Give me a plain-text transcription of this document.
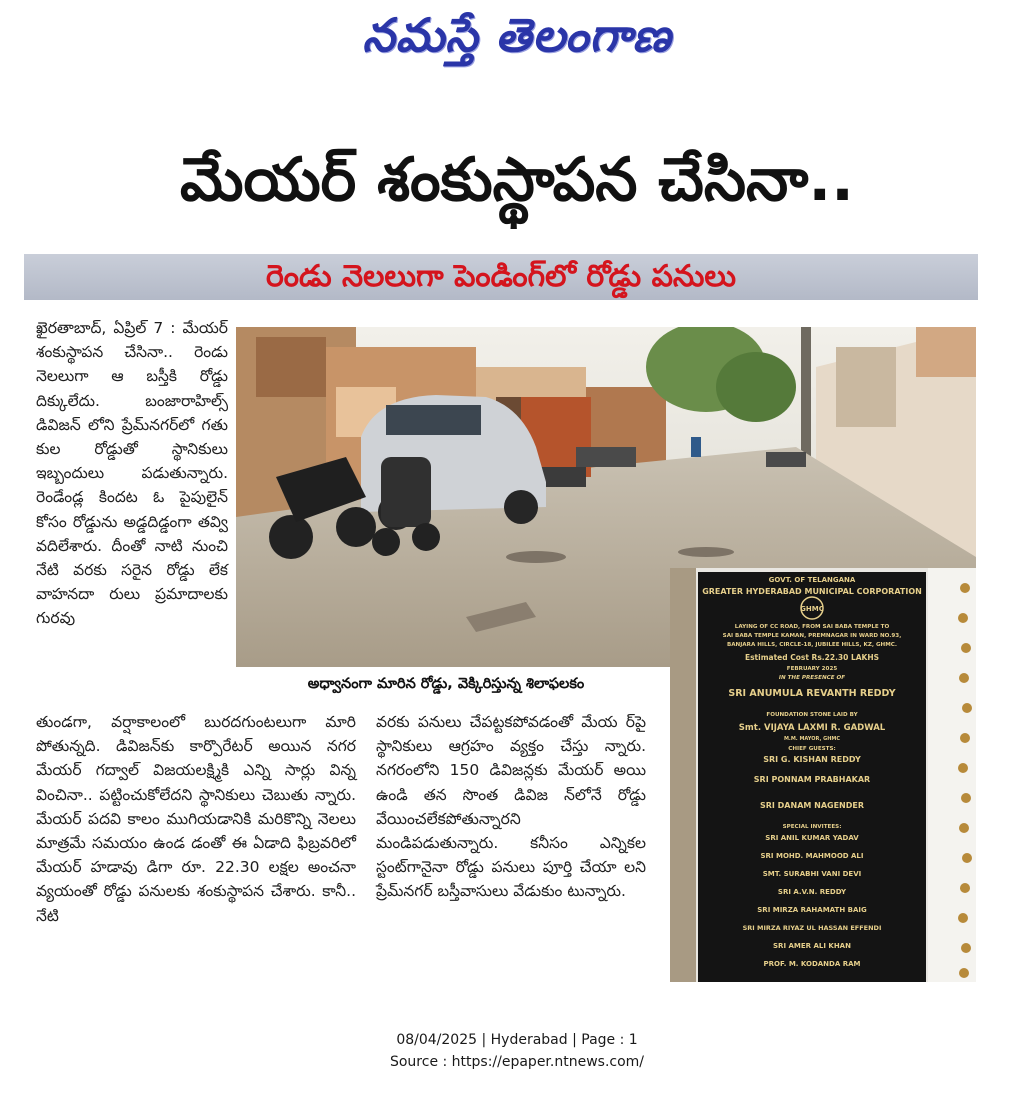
నమస్తే తెలంగాణ
మేయర్ శంకుస్థాపన చేసినా..
రెండు నెలలుగా పెండింగ్‌లో రోడ్డు పనులు

ఖైరతాబాద్, ఏప్రిల్ 7 : మేయర్ శంకుస్థాపన చేసినా.. రెండు నెలలుగా ఆ బస్తీకి రోడ్డు దిక్కులేదు. బంజారాహిల్స్ డివిజన్ లోని ప్రేమ్‌నగర్‌లో గతు కుల రోడ్డుతో స్థానికులు ఇబ్బందులు పడుతున్నారు. రెండేండ్ల కిందట ఓ పైపులైన్ కోసం రోడ్డును అడ్డదిడ్డంగా తవ్వి వదిలేశారు. దీంతో నాటి నుంచి నేటి వరకు సరైన రోడ్డు లేక వాహనదా రులు ప్రమాదాలకు గురవు

అధ్వానంగా మారిన రోడ్డు, వెక్కిరిస్తున్న శిలాఫలకం
GOVT. OF TELANGANA
GREATER HYDERABAD MUNICIPAL CORPORATION
GHMC
LAYING OF CC ROAD, FROM SAI BABA TEMPLE TO
SAI BABA TEMPLE KAMAN, PREMNAGAR IN WARD NO.93,
BANJARA HILLS, CIRCLE-18, JUBILEE HILLS, KZ, GHMC.
Estimated Cost Rs.22.30 LAKHS
FEBRUARY 2025
IN THE PRESENCE OF
SRI ANUMULA REVANTH REDDY
FOUNDATION STONE LAID BY
Smt. VIJAYA LAXMI R. GADWAL
M.M. MAYOR, GHMC
CHIEF GUESTS:
SRI G. KISHAN REDDY
SRI PONNAM PRABHAKAR
SRI DANAM NAGENDER
SPECIAL INVITEES:
SRI ANIL KUMAR YADAV
SRI MOHD. MAHMOOD ALI
SMT. SURABHI VANI DEVI
SRI A.V.N. REDDY
SRI MIRZA RAHAMATH BAIG
SRI MIRZA RIYAZ UL HASSAN EFFENDI
SRI AMER ALI KHAN
PROF. M. KODANDA RAM

తుండగా, వర్షాకాలంలో బురదగుంటలుగా మారి పోతున్నది. డివిజన్‌కు కార్పొరేటర్ అయిన నగర మేయర్ గద్వాల్ విజయలక్ష్మికి ఎన్ని సార్లు విన్న వించినా.. పట్టించుకోలేదని స్థానికులు చెబుతు న్నారు. మేయర్ పదవి కాలం ముగియడానికి మరికొన్ని నెలలు మాత్రమే సమయం ఉండ డంతో ఈ ఏడాది ఫిబ్రవరిలో మేయర్ హడావు డిగా రూ. 22.30 లక్షల అంచనా వ్యయంతో రోడ్డు పనులకు శంకుస్థాపన చేశారు. కానీ.. నేటి

వరకు పనులు చేపట్టకపోవడంతో మేయ ర్‌పై స్థానికులు ఆగ్రహం వ్యక్తం చేస్తు న్నారు. నగరంలోని 150 డివిజన్లకు మేయర్ అయి ఉండి తన సొంత డివిజ న్‌లోనే రోడ్డు వేయించలేకపోతున్నారని మండిపడుతున్నారు. కనీసం ఎన్నికల స్టంట్‌గానైనా రోడ్డు పనులు పూర్తి చేయా లని ప్రేమ్‌నగర్ బస్తీవాసులు వేడుకుం టున్నారు.

08/04/2025 | Hyderabad | Page : 1
Source : https://epaper.ntnews.com/
